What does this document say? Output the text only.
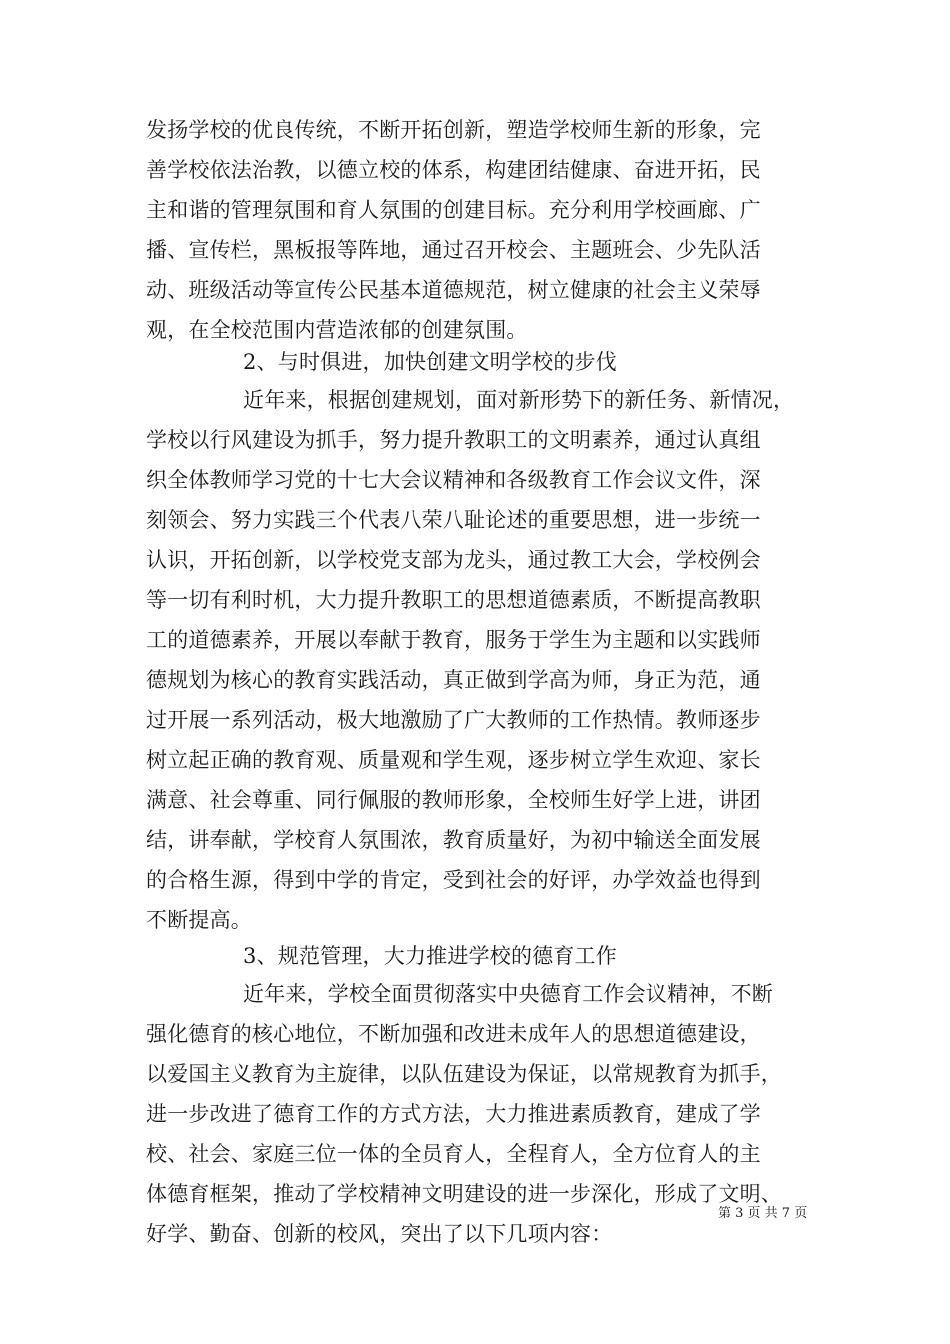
发扬学校的优良传统，不断开拓创新，塑造学校师生新的形象，完
善学校依法治教，以德立校的体系，构建团结健康、奋进开拓，民
主和谐的管理氛围和育人氛围的创建目标。充分利用学校画廊、广
播、宣传栏，黑板报等阵地，通过召开校会、主题班会、少先队活
动、班级活动等宣传公民基本道德规范，树立健康的社会主义荣辱
观，在全校范围内营造浓郁的创建氛围。
2、与时俱进，加快创建文明学校的步伐
近年来，根据创建规划，面对新形势下的新任务、新情况，
学校以行风建设为抓手，努力提升教职工的文明素养，通过认真组
织全体教师学习党的十七大会议精神和各级教育工作会议文件，深
刻领会、努力实践三个代表八荣八耻论述的重要思想，进一步统一
认识，开拓创新，以学校党支部为龙头，通过教工大会，学校例会
等一切有利时机，大力提升教职工的思想道德素质，不断提高教职
工的道德素养，开展以奉献于教育，服务于学生为主题和以实践师
德规划为核心的教育实践活动，真正做到学高为师，身正为范，通
过开展一系列活动，极大地激励了广大教师的工作热情。教师逐步
树立起正确的教育观、质量观和学生观，逐步树立学生欢迎、家长
满意、社会尊重、同行佩服的教师形象，全校师生好学上进，讲团
结，讲奉献，学校育人氛围浓，教育质量好，为初中输送全面发展
的合格生源，得到中学的肯定，受到社会的好评，办学效益也得到
不断提高。
3、规范管理，大力推进学校的德育工作
近年来，学校全面贯彻落实中央德育工作会议精神，不断
强化德育的核心地位，不断加强和改进未成年人的思想道德建设，
以爱国主义教育为主旋律，以队伍建设为保证，以常规教育为抓手，
进一步改进了德育工作的方式方法，大力推进素质教育，建成了学
校、社会、家庭三位一体的全员育人，全程育人，全方位育人的主
体德育框架，推动了学校精神文明建设的进一步深化，形成了文明、
好学、勤奋、创新的校风，突出了以下几项内容：
第 3 页 共 7 页
